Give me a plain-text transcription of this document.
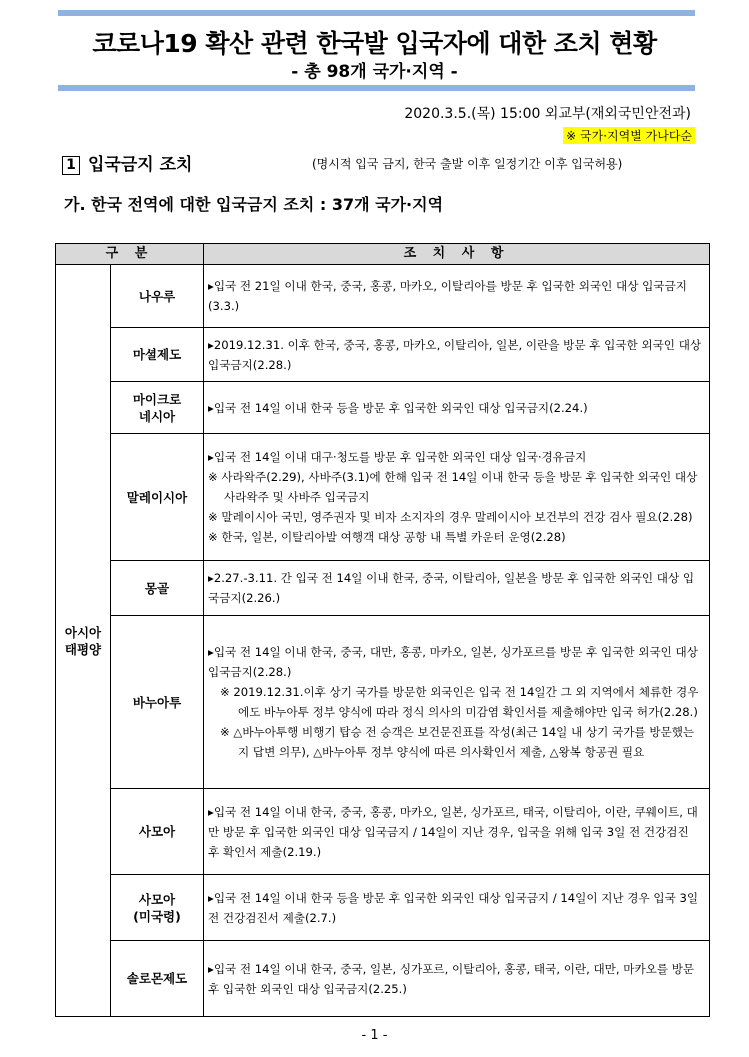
코로나19 확산 관련 한국발 입국자에 대한 조치 현황
- 총 98개 국가·지역 -
2020.3.5.(목) 15:00 외교부(재외국민안전과)
※ 국가·지역별 가나다순
1 입국금지 조치	(명시적 입국 금지, 한국 출발 이후 일정기간 이후 입국허용)
가. 한국 전역에 대한 입국금지 조치 : 37개 국가·지역
구 분		조 치 사 항
아시아
태평양	나우루	▸입국 전 21일 이내 한국, 중국, 홍콩, 마카오, 이탈리아를 방문 후 입국한 외국인 대상 입국금지(3.3.)

	마셜제도	▸2019.12.31. 이후 한국, 중국, 홍콩, 마카오, 이탈리아, 일본, 이란을 방문 후 입국한 외국인 대상 입국금지(2.28.)

	마이크로
네시아	▸입국 전 14일 이내 한국 등을 방문 후 입국한 외국인 대상 입국금지(2.24.)

	말레이시아	▸입국 전 14일 이내 대구·청도를 방문 후 입국한 외국인 대상 입국·경유금지
※ 사라왁주(2.29), 사바주(3.1)에 한해 입국 전 14일 이내 한국 등을 방문 후 입국한 외국인 대상 사라왁주 및 사바주 입국금지
※ 말레이시아 국민, 영주권자 및 비자 소지자의 경우 말레이시아 보건부의 건강 검사 필요(2.28)
※ 한국, 일본, 이탈리아발 여행객 대상 공항 내 특별 카운터 운영(2.28)

	몽골	▸2.27.-3.11. 간 입국 전 14일 이내 한국, 중국, 이탈리아, 일본을 방문 후 입국한 외국인 대상 입국금지(2.26.)

	바누아투	▸입국 전 14일 이내 한국, 중국, 대만, 홍콩, 마카오, 일본, 싱가포르를 방문 후 입국한 외국인 대상 입국금지(2.28.)
※ 2019.12.31.이후 상기 국가를 방문한 외국인은 입국 전 14일간 그 외 지역에서 체류한 경우에도 바누아투 정부 양식에 따라 정식 의사의 미감염 확인서를 제출해야만 입국 허가(2.28.)
※ △바누아투행 비행기 탑승 전 승객은 보건문진표를 작성(최근 14일 내 상기 국가를 방문했는지 답변 의무), △바누아투 정부 양식에 따른 의사확인서 제출, △왕복 항공권 필요

	사모아	▸입국 전 14일 이내 한국, 중국, 홍콩, 마카오, 일본, 싱가포르, 태국, 이탈리아, 이란, 쿠웨이트, 대만 방문 후 입국한 외국인 대상 입국금지 / 14일이 지난 경우, 입국을 위해 입국 3일 전 건강검진 후 확인서 제출(2.19.)

	사모아
(미국령)	▸입국 전 14일 이내 한국 등을 방문 후 입국한 외국인 대상 입국금지 / 14일이 지난 경우 입국 3일전 건강검진서 제출(2.7.)

	솔로몬제도	▸입국 전 14일 이내 한국, 중국, 일본, 싱가포르, 이탈리아, 홍콩, 태국, 이란, 대만, 마카오를 방문 후 입국한 외국인 대상 입국금지(2.25.)
- 1 -
